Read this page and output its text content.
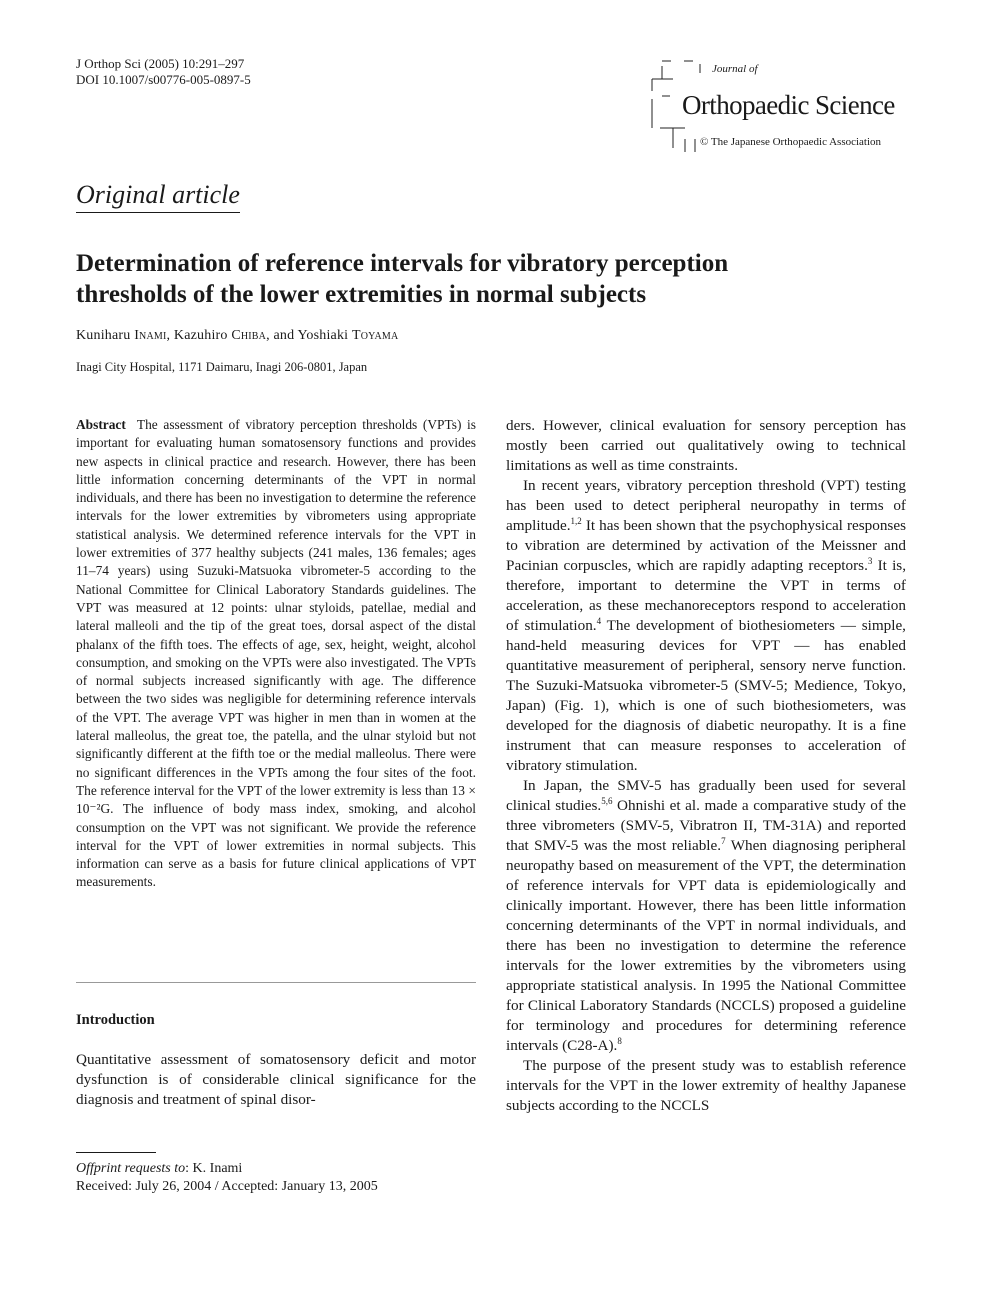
J Orthop Sci (2005) 10:291–297
DOI 10.1007/s00776-005-0897-5
Journal of
Orthopaedic Science
© The Japanese Orthopaedic Association
Original article
Determination of reference intervals for vibratory perception thresholds of the lower extremities in normal subjects
Kuniharu Inami, Kazuhiro Chiba, and Yoshiaki Toyama
Inagi City Hospital, 1171 Daimaru, Inagi 206-0801, Japan

Abstract The assessment of vibratory perception thresholds (VPTs) is important for evaluating human somatosensory functions and provides new aspects in clinical practice and research. However, there has been little information concerning determinants of the VPT in normal individuals, and there has been no investigation to determine the reference intervals for the lower extremities by vibrometers using appropriate statistical analysis. We determined reference intervals for the VPT in lower extremities of 377 healthy subjects (241 males, 136 females; ages 11–74 years) using Suzuki-Matsuoka vibrometer-5 according to the National Committee for Clinical Laboratory Standards guidelines. The VPT was measured at 12 points: ulnar styloids, patellae, medial and lateral malleoli and the tip of the great toes, dorsal aspect of the distal phalanx of the fifth toes. The effects of age, sex, height, weight, alcohol consumption, and smoking on the VPTs were also investigated. The VPTs of normal subjects increased significantly with age. The difference between the two sides was negligible for determining reference intervals of the VPT. The average VPT was higher in men than in women at the lateral malleolus, the great toe, the patella, and the ulnar styloid but not significantly different at the fifth toe or the medial malleolus. There were no significant differences in the VPTs among the four sites of the foot. The reference interval for the VPT of the lower extremity is less than 13 × 10⁻²G. The influence of body mass index, smoking, and alcohol consumption on the VPT was not significant. We provide the reference interval for the VPT of lower extremities in normal subjects. This information can serve as a basis for future clinical applications of VPT measurements.

Introduction

Quantitative assessment of somatosensory deficit and motor dysfunction is of considerable clinical significance for the diagnosis and treatment of spinal disor-

Offprint requests to: K. Inami
Received: July 26, 2004 / Accepted: January 13, 2005

ders. However, clinical evaluation for sensory perception has mostly been carried out qualitatively owing to technical limitations as well as time constraints.

In recent years, vibratory perception threshold (VPT) testing has been used to detect peripheral neuropathy in terms of amplitude.$^{1,2}$ It has been shown that the psychophysical responses to vibration are determined by activation of the Meissner and Pacinian corpuscles, which are rapidly adapting receptors.$^3$ It is, therefore, important to determine the VPT in terms of acceleration, as these mechanoreceptors respond to acceleration of stimulation.$^4$ The development of biothesiometers — simple, hand-held measuring devices for VPT — has enabled quantitative measurement of peripheral, sensory nerve function. The Suzuki-Matsuoka vibrometer-5 (SMV-5; Medience, Tokyo, Japan) (Fig. 1), which is one of such biothesiometers, was developed for the diagnosis of diabetic neuropathy. It is a fine instrument that can measure responses to acceleration of vibratory stimulation.

In Japan, the SMV-5 has gradually been used for several clinical studies.$^{5,6}$ Ohnishi et al. made a comparative study of the three vibrometers (SMV-5, Vibratron II, TM-31A) and reported that SMV-5 was the most reliable.$^7$ When diagnosing peripheral neuropathy based on measurement of the VPT, the determination of reference intervals for VPT data is epidemiologically and clinically important. However, there has been little information concerning determinants of the VPT in normal individuals, and there has been no investigation to determine the reference intervals for the lower extremities by the vibrometers using appropriate statistical analysis. In 1995 the National Committee for Clinical Laboratory Standards (NCCLS) proposed a guideline for terminology and procedures for determining reference intervals (C28-A).$^8$

The purpose of the present study was to establish reference intervals for the VPT in the lower extremity of healthy Japanese subjects according to the NCCLS
